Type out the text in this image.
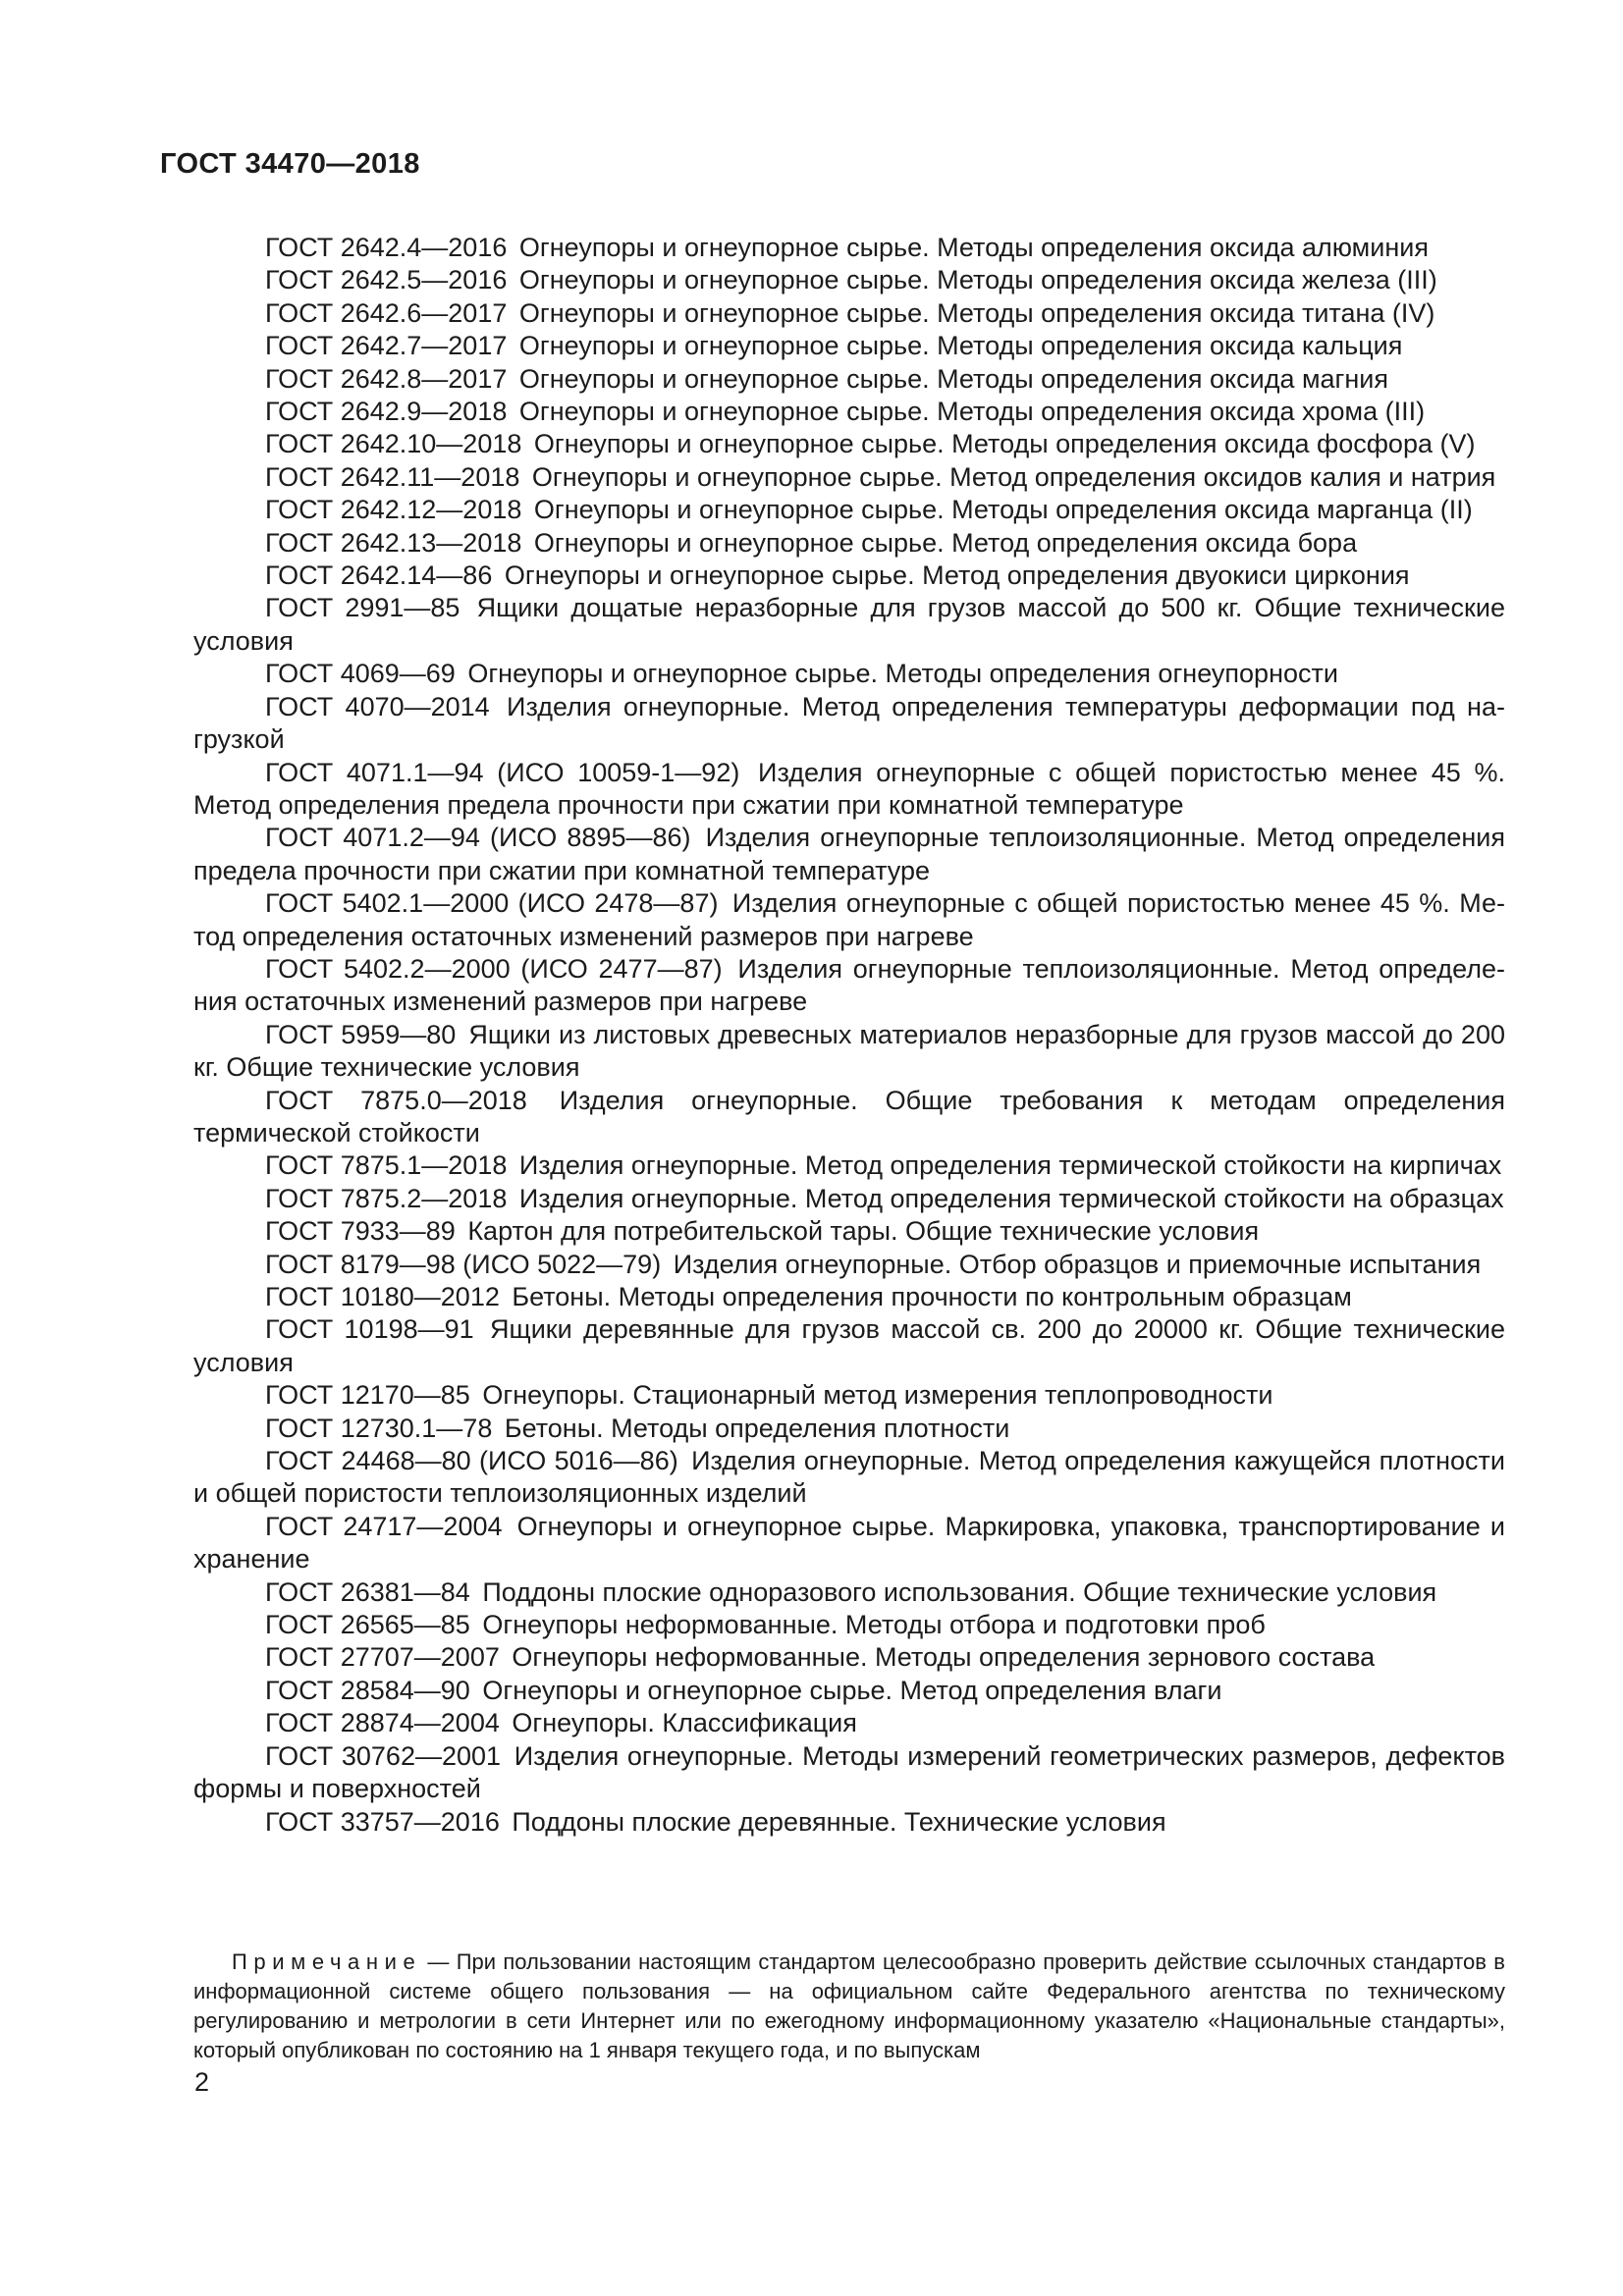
ГОСТ 34470—2018

ГОСТ 2642.4—2016 Огнеупоры и огнеупорное сырье. Методы определения оксида алюминия

ГОСТ 2642.5—2016 Огнеупоры и огнеупорное сырье. Методы определения оксида железа (III)

ГОСТ 2642.6—2017 Огнеупоры и огнеупорное сырье. Методы определения оксида титана (IV)

ГОСТ 2642.7—2017 Огнеупоры и огнеупорное сырье. Методы определения оксида кальция

ГОСТ 2642.8—2017 Огнеупоры и огнеупорное сырье. Методы определения оксида магния

ГОСТ 2642.9—2018 Огнеупоры и огнеупорное сырье. Методы определения оксида хрома (III)

ГОСТ 2642.10—2018 Огнеупоры и огнеупорное сырье. Методы определения оксида фосфора (V)

ГОСТ 2642.11—2018 Огнеупоры и огнеупорное сырье. Метод определения оксидов калия и натрия

ГОСТ 2642.12—2018 Огнеупоры и огнеупорное сырье. Методы определения оксида марганца (II)

ГОСТ 2642.13—2018 Огнеупоры и огнеупорное сырье. Метод определения оксида бора

ГОСТ 2642.14—86 Огнеупоры и огнеупорное сырье. Метод определения двуокиси циркония

ГОСТ 2991—85 Ящики дощатые неразборные для грузов массой до 500 кг. Общие технические условия

ГОСТ 4069—69 Огнеупоры и огнеупорное сырье. Методы определения огнеупорности

ГОСТ 4070—2014 Изделия огнеупорные. Метод определения температуры деформации под нагрузкой

ГОСТ 4071.1—94 (ИСО 10059-1—92) Изделия огнеупорные с общей пористостью менее 45 %. Метод определения предела прочности при сжатии при комнатной температуре

ГОСТ 4071.2—94 (ИСО 8895—86) Изделия огнеупорные теплоизоляционные. Метод определения предела прочности при сжатии при комнатной температуре

ГОСТ 5402.1—2000 (ИСО 2478—87) Изделия огнеупорные с общей пористостью менее 45 %. Метод определения остаточных изменений размеров при нагреве

ГОСТ 5402.2—2000 (ИСО 2477—87) Изделия огнеупорные теплоизоляционные. Метод определения остаточных изменений размеров при нагреве

ГОСТ 5959—80 Ящики из листовых древесных материалов неразборные для грузов массой до 200 кг. Общие технические условия

ГОСТ 7875.0—2018 Изделия огнеупорные. Общие требования к методам определения термической стойкости

ГОСТ 7875.1—2018 Изделия огнеупорные. Метод определения термической стойкости на кирпичах

ГОСТ 7875.2—2018 Изделия огнеупорные. Метод определения термической стойкости на образцах

ГОСТ 7933—89 Картон для потребительской тары. Общие технические условия

ГОСТ 8179—98 (ИСО 5022—79) Изделия огнеупорные. Отбор образцов и приемочные испытания

ГОСТ 10180—2012 Бетоны. Методы определения прочности по контрольным образцам

ГОСТ 10198—91 Ящики деревянные для грузов массой св. 200 до 20000 кг. Общие технические условия

ГОСТ 12170—85 Огнеупоры. Стационарный метод измерения теплопроводности

ГОСТ 12730.1—78 Бетоны. Методы определения плотности

ГОСТ 24468—80 (ИСО 5016—86) Изделия огнеупорные. Метод определения кажущейся плотности и общей пористости теплоизоляционных изделий

ГОСТ 24717—2004 Огнеупоры и огнеупорное сырье. Маркировка, упаковка, транспортирование и хранение

ГОСТ 26381—84 Поддоны плоские одноразового использования. Общие технические условия

ГОСТ 26565—85 Огнеупоры неформованные. Методы отбора и подготовки проб

ГОСТ 27707—2007 Огнеупоры неформованные. Методы определения зернового состава

ГОСТ 28584—90 Огнеупоры и огнеупорное сырье. Метод определения влаги

ГОСТ 28874—2004 Огнеупоры. Классификация

ГОСТ 30762—2001 Изделия огнеупорные. Методы измерений геометрических размеров, дефектов формы и поверхностей

ГОСТ 33757—2016 Поддоны плоские деревянные. Технические условия

Примечание — При пользовании настоящим стандартом целесообразно проверить действие ссылочных стандартов в информационной системе общего пользования — на официальном сайте Федерального агентства по техническому регулированию и метрологии в сети Интернет или по ежегодному информационному указателю «Национальные стандарты», который опубликован по состоянию на 1 января текущего года, и по выпускам

2
